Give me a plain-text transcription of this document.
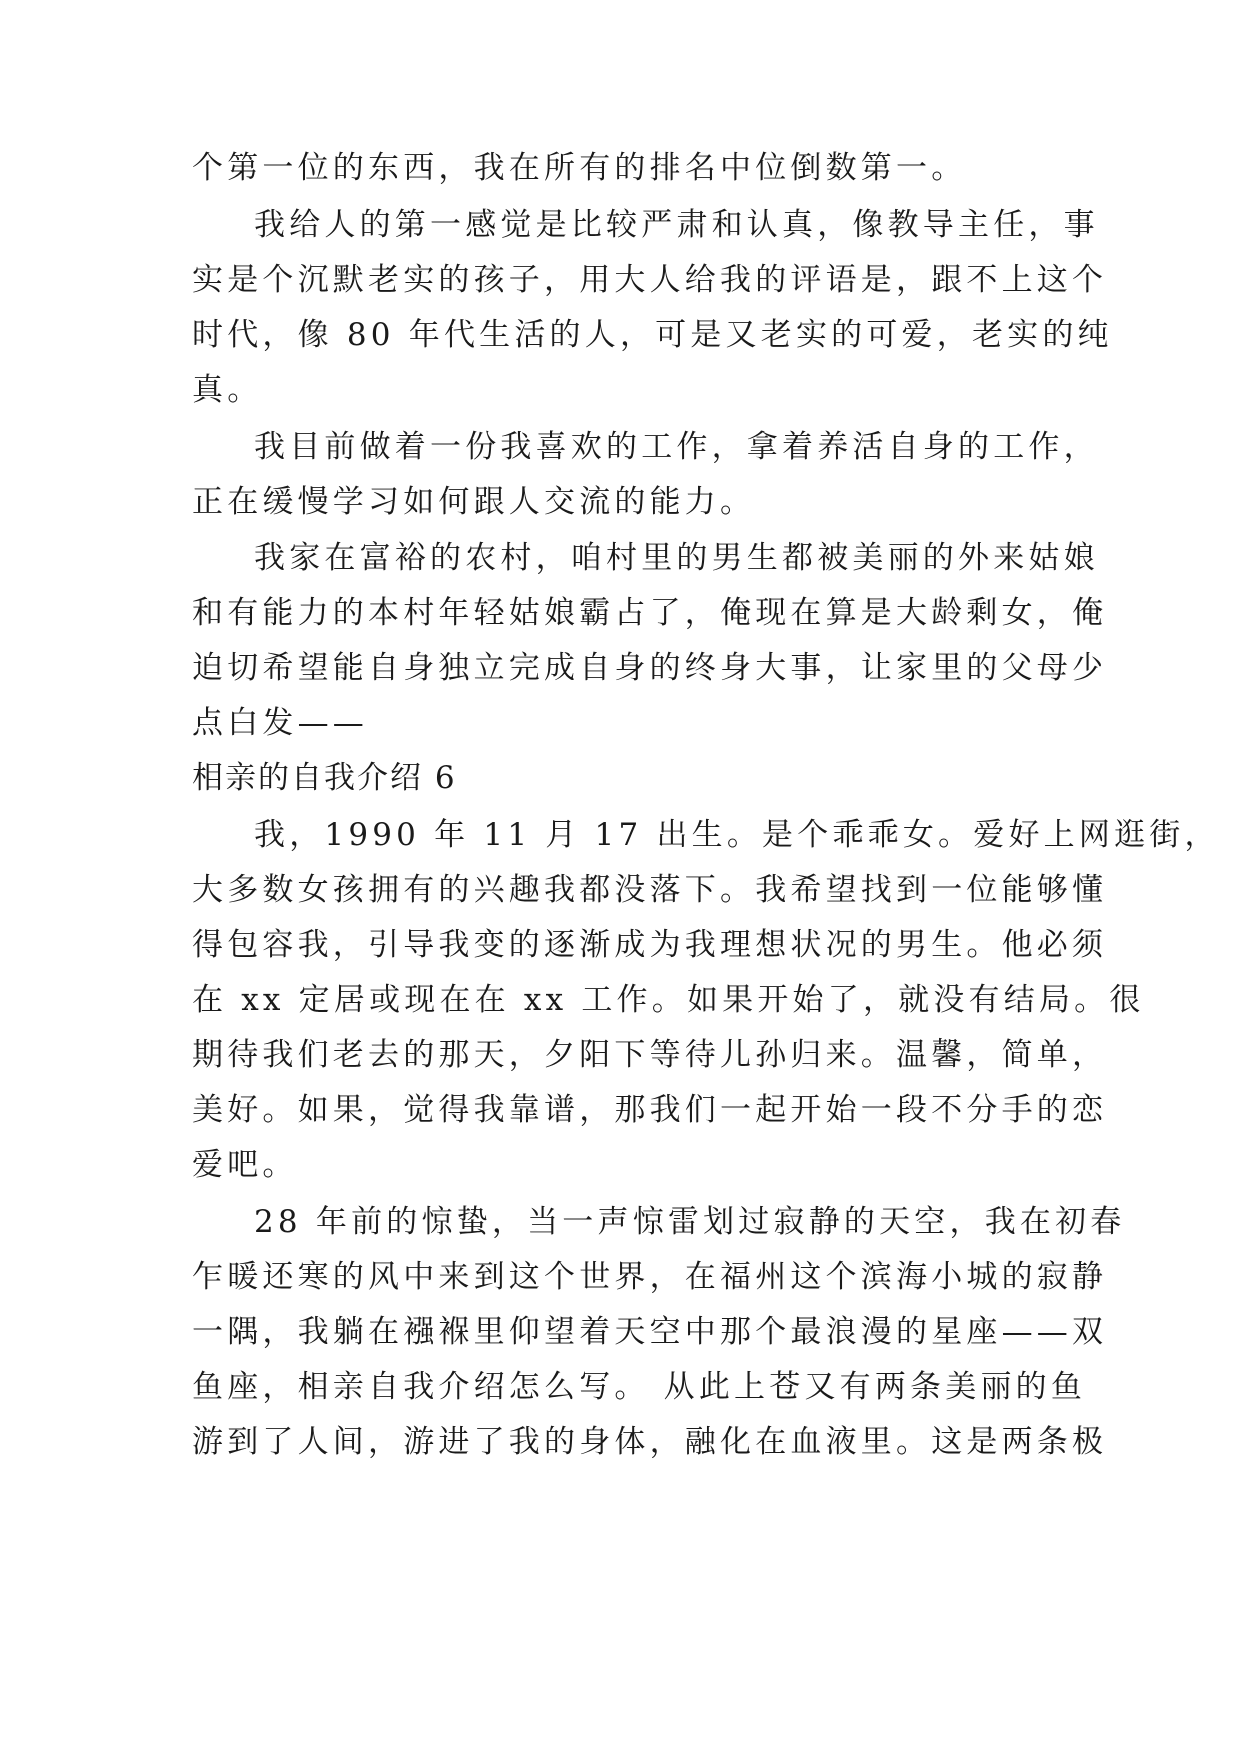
个第一位的东西，我在所有的排名中位倒数第一。
我给人的第一感觉是比较严肃和认真，像教导主任，事
实是个沉默老实的孩子，用大人给我的评语是，跟不上这个
时代，像 80 年代生活的人，可是又老实的可爱，老实的纯
真。
我目前做着一份我喜欢的工作，拿着养活自身的工作，
正在缓慢学习如何跟人交流的能力。
我家在富裕的农村，咱村里的男生都被美丽的外来姑娘
和有能力的本村年轻姑娘霸占了，俺现在算是大龄剩女，俺
迫切希望能自身独立完成自身的终身大事，让家里的父母少
点白发——
相亲的自我介绍 6
我，1990 年 11 月 17 出生。是个乖乖女。爱好上网逛街，
大多数女孩拥有的兴趣我都没落下。我希望找到一位能够懂
得包容我，引导我变的逐渐成为我理想状况的男生。他必须
在 xx 定居或现在在 xx 工作。如果开始了，就没有结局。很
期待我们老去的那天，夕阳下等待儿孙归来。温馨，简单，
美好。如果，觉得我靠谱，那我们一起开始一段不分手的恋
爱吧。
28 年前的惊蛰，当一声惊雷划过寂静的天空，我在初春
乍暖还寒的风中来到这个世界，在福州这个滨海小城的寂静
一隅，我躺在襁褓里仰望着天空中那个最浪漫的星座——双
鱼座，相亲自我介绍怎么写。 从此上苍又有两条美丽的鱼
游到了人间，游进了我的身体，融化在血液里。这是两条极
